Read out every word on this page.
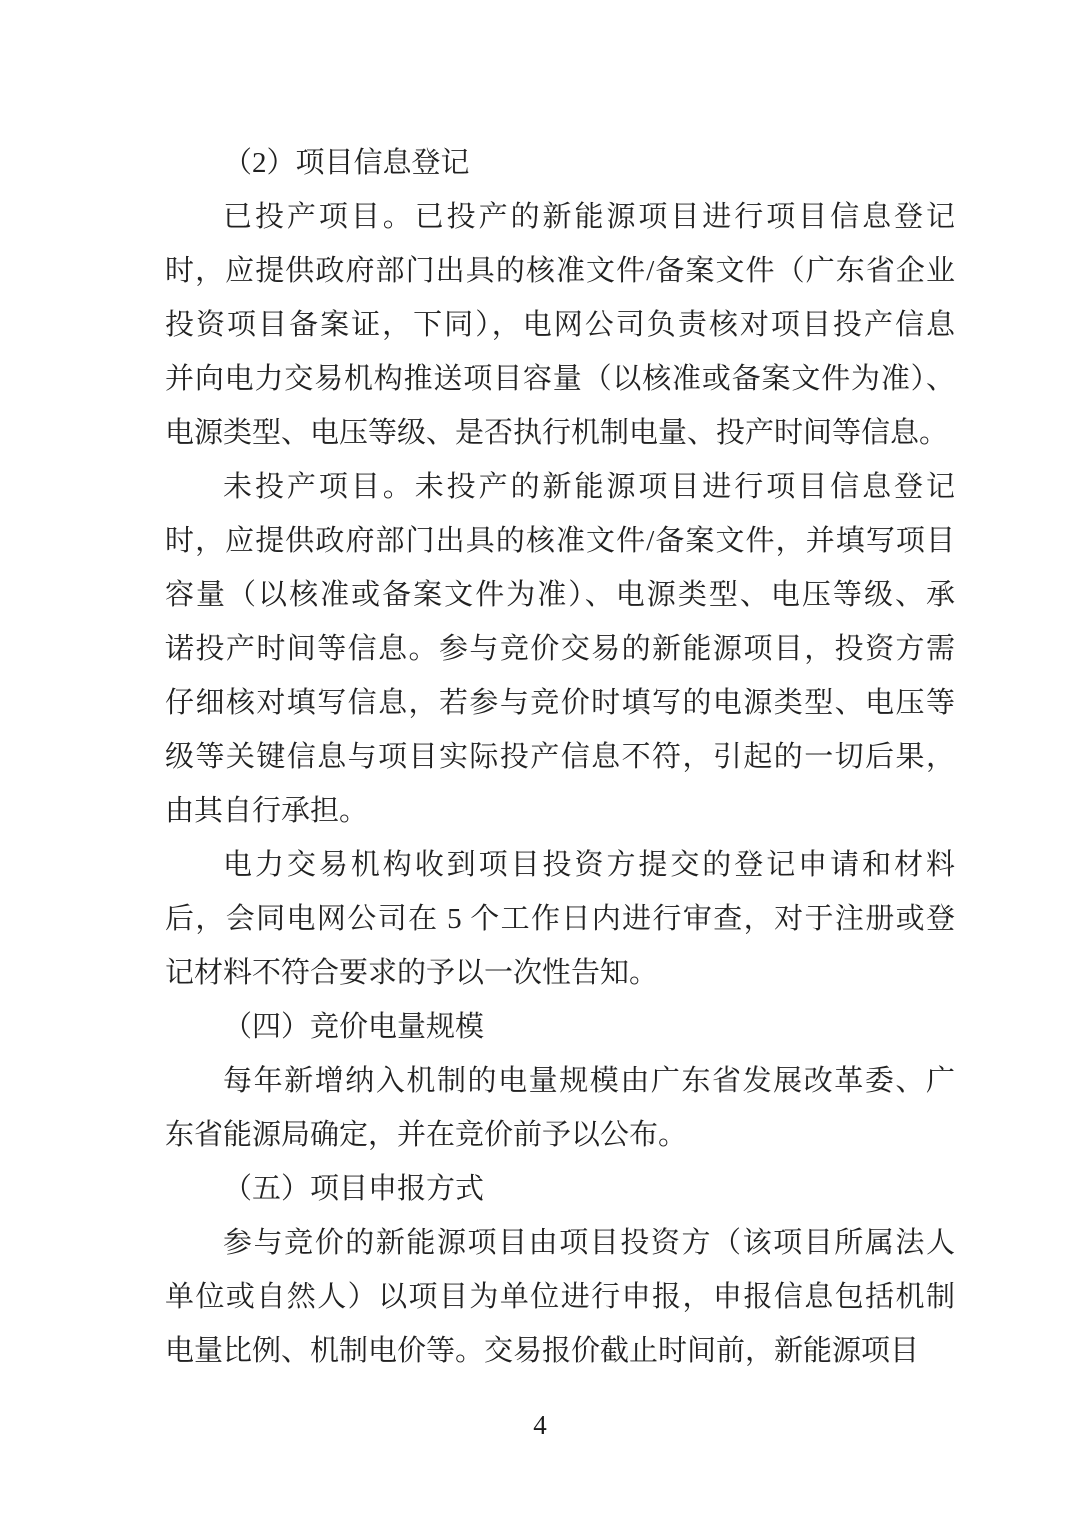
（2）项目信息登记
已投产项目。已投产的新能源项目进行项目信息登记
时，应提供政府部门出具的核准文件/备案文件（广东省企业
投资项目备案证，下同），电网公司负责核对项目投产信息
并向电力交易机构推送项目容量（以核准或备案文件为准）、
电源类型、电压等级、是否执行机制电量、投产时间等信息。
未投产项目。未投产的新能源项目进行项目信息登记
时，应提供政府部门出具的核准文件/备案文件，并填写项目
容量（以核准或备案文件为准）、电源类型、电压等级、承
诺投产时间等信息。参与竞价交易的新能源项目，投资方需
仔细核对填写信息，若参与竞价时填写的电源类型、电压等
级等关键信息与项目实际投产信息不符，引起的一切后果，
由其自行承担。
电力交易机构收到项目投资方提交的登记申请和材料
后，会同电网公司在 5 个工作日内进行审查，对于注册或登
记材料不符合要求的予以一次性告知。
（四）竞价电量规模
每年新增纳入机制的电量规模由广东省发展改革委、广
东省能源局确定，并在竞价前予以公布。
（五）项目申报方式
参与竞价的新能源项目由项目投资方（该项目所属法人
单位或自然人）以项目为单位进行申报，申报信息包括机制
电量比例、机制电价等。交易报价截止时间前，新能源项目
4
